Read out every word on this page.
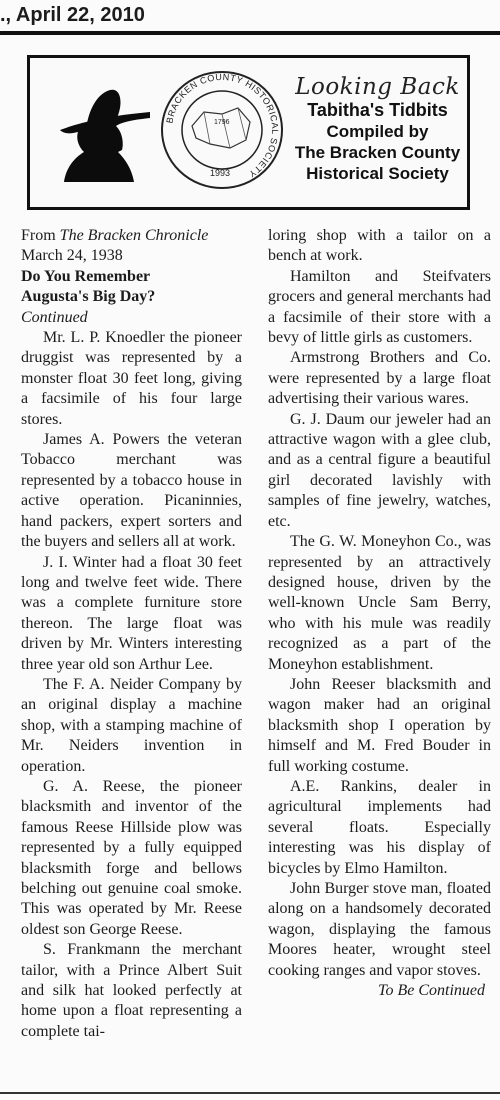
., April 22, 2010
BRACKEN COUNTY HISTORICAL SOCIETY
1796
1993
Looking Back
Tabitha's Tidbits
Compiled by
The Bracken County
Historical Society
From The Bracken Chronicle
March 24, 1938
Do You Remember
Augusta's Big Day?
Continued

Mr. L. P. Knoedler the pioneer druggist was represented by a monster float 30 feet long, giving a facsimile of his four large stores.

James A. Powers the veteran Tobacco merchant was represented by a tobacco house in active operation. Picaninnies, hand packers, expert sorters and the buyers and sellers all at work.

J. I. Winter had a float 30 feet long and twelve feet wide. There was a complete furniture store thereon. The large float was driven by Mr. Winters interesting three year old son Arthur Lee.

The F. A. Neider Company by an original display a machine shop, with a stamping machine of Mr. Neiders invention in operation.

G. A. Reese, the pioneer blacksmith and inventor of the famous Reese Hillside plow was represented by a fully equipped blacksmith forge and bellows belching out genuine coal smoke. This was operated by Mr. Reese oldest son George Reese.

S. Frankmann the merchant tailor, with a Prince Albert Suit and silk hat looked perfectly at home upon a float representing a complete tai-

loring shop with a tailor on a bench at work.

Hamilton and Steifvaters grocers and general merchants had a facsimile of their store with a bevy of little girls as customers.

Armstrong Brothers and Co. were represented by a large float advertising their various wares.

G. J. Daum our jeweler had an attractive wagon with a glee club, and as a central figure a beautiful girl decorated lavishly with samples of fine jewelry, watches, etc.

The G. W. Moneyhon Co., was represented by an attractively designed house, driven by the well-known Uncle Sam Berry, who with his mule was readily recognized as a part of the Moneyhon establishment.

John Reeser blacksmith and wagon maker had an original blacksmith shop I operation by himself and M. Fred Bouder in full working costume.

A.E. Rankins, dealer in agricultural implements had several floats. Especially interesting was his display of bicycles by Elmo Hamilton.

John Burger stove man, floated along on a handsomely decorated wagon, displaying the famous Moores heater, wrought steel cooking ranges and vapor stoves.

To Be Continued
